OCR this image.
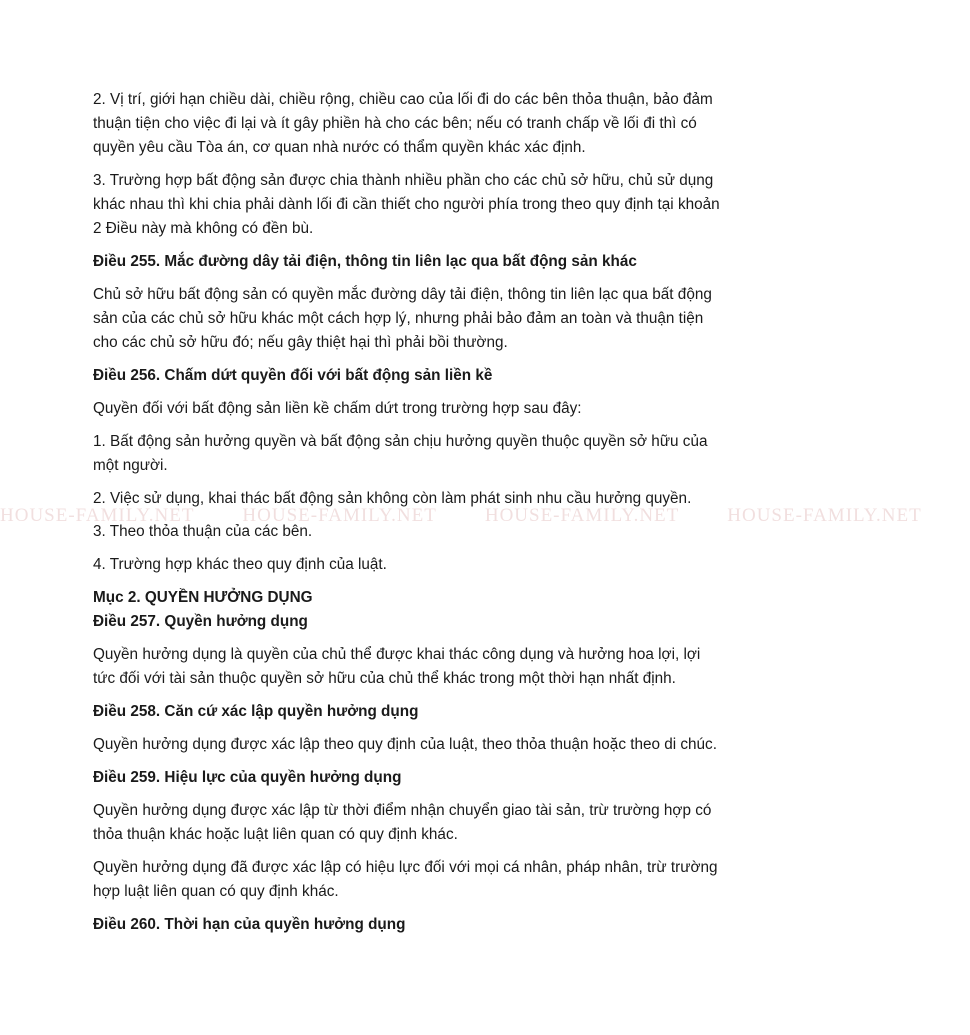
HOUSE-FAMILY.NET	HOUSE-FAMILY.NET	HOUSE-FAMILY.NET	HOUSE-FAMILY.NET

2. Vị trí, giới hạn chiều dài, chiều rộng, chiều cao của lối đi do các bên thỏa thuận, bảo đảm thuận tiện cho việc đi lại và ít gây phiền hà cho các bên; nếu có tranh chấp về lối đi thì có quyền yêu cầu Tòa án, cơ quan nhà nước có thẩm quyền khác xác định.

3. Trường hợp bất động sản được chia thành nhiều phần cho các chủ sở hữu, chủ sử dụng khác nhau thì khi chia phải dành lối đi cần thiết cho người phía trong theo quy định tại khoản 2 Điều này mà không có đền bù.

Điều 255. Mắc đường dây tải điện, thông tin liên lạc qua bất động sản khác

Chủ sở hữu bất động sản có quyền mắc đường dây tải điện, thông tin liên lạc qua bất động sản của các chủ sở hữu khác một cách hợp lý, nhưng phải bảo đảm an toàn và thuận tiện cho các chủ sở hữu đó; nếu gây thiệt hại thì phải bồi thường.

Điều 256. Chấm dứt quyền đối với bất động sản liền kề

Quyền đối với bất động sản liền kề chấm dứt trong trường hợp sau đây:

1. Bất động sản hưởng quyền và bất động sản chịu hưởng quyền thuộc quyền sở hữu của một người.

2. Việc sử dụng, khai thác bất động sản không còn làm phát sinh nhu cầu hưởng quyền.

3. Theo thỏa thuận của các bên.

4. Trường hợp khác theo quy định của luật.

Mục 2. QUYỀN HƯỞNG DỤNG

Điều 257. Quyền hưởng dụng

Quyền hưởng dụng là quyền của chủ thể được khai thác công dụng và hưởng hoa lợi, lợi tức đối với tài sản thuộc quyền sở hữu của chủ thể khác trong một thời hạn nhất định.

Điều 258. Căn cứ xác lập quyền hưởng dụng

Quyền hưởng dụng được xác lập theo quy định của luật, theo thỏa thuận hoặc theo di chúc.

Điều 259. Hiệu lực của quyền hưởng dụng

Quyền hưởng dụng được xác lập từ thời điểm nhận chuyển giao tài sản, trừ trường hợp có thỏa thuận khác hoặc luật liên quan có quy định khác.

Quyền hưởng dụng đã được xác lập có hiệu lực đối với mọi cá nhân, pháp nhân, trừ trường hợp luật liên quan có quy định khác.

Điều 260. Thời hạn của quyền hưởng dụng
